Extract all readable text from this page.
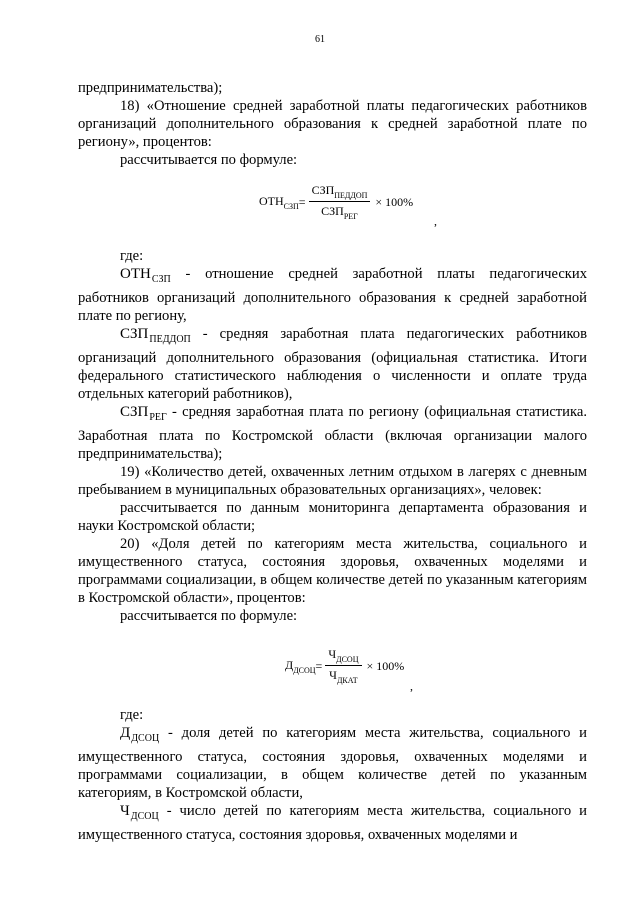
61

предпринимательства);

18) «Отношение средней заработной платы педагогических работников организаций дополнительного образования к средней заработной плате по региону», процентов:

рассчитывается по формуле:

где:

$ОТН_{СЗП}$ - отношение средней заработной платы педагогических работников организаций дополнительного образования к средней заработной плате по региону,

$СЗП_{ПЕДДОП}$ - средняя заработная плата педагогических работников организаций дополнительного образования (официальная статистика. Итоги федерального статистического наблюдения о численности и оплате труда отдельных категорий работников),

$СЗП_{РЕГ}$ - средняя заработная плата по региону (официальная статистика. Заработная плата по Костромской области (включая организации малого предпринимательства);

19) «Количество детей, охваченных летним отдыхом в лагерях с дневным пребыванием в муниципальных образовательных организациях», человек:

рассчитывается по данным мониторинга департамента образования и науки Костромской области;

20) «Доля детей по категориям места жительства, социального и имущественного статуса, состояния здоровья, охваченных моделями и программами социализации, в общем количестве детей по указанным категориям в Костромской области», процентов:

рассчитывается по формуле:

где:

$Д_{ДСОЦ}$ - доля детей по категориям места жительства, социального и имущественного статуса, состояния здоровья, охваченных моделями и программами социализации, в общем количестве детей по указанным категориям, в Костромской области,

$Ч_{ДСОЦ}$ - число детей по категориям места жительства, социального и имущественного статуса, состояния здоровья, охваченных моделями и

$ОТН_{СЗП} = \frac{СЗП_{ПЕДДОП}}{СЗП_{РЕГ}} \times 100\%$
,
$Д_{ДСОЦ} = \frac{Ч_{ДСОЦ}}{Ч_{ДКАТ}} \times 100\%$
,
